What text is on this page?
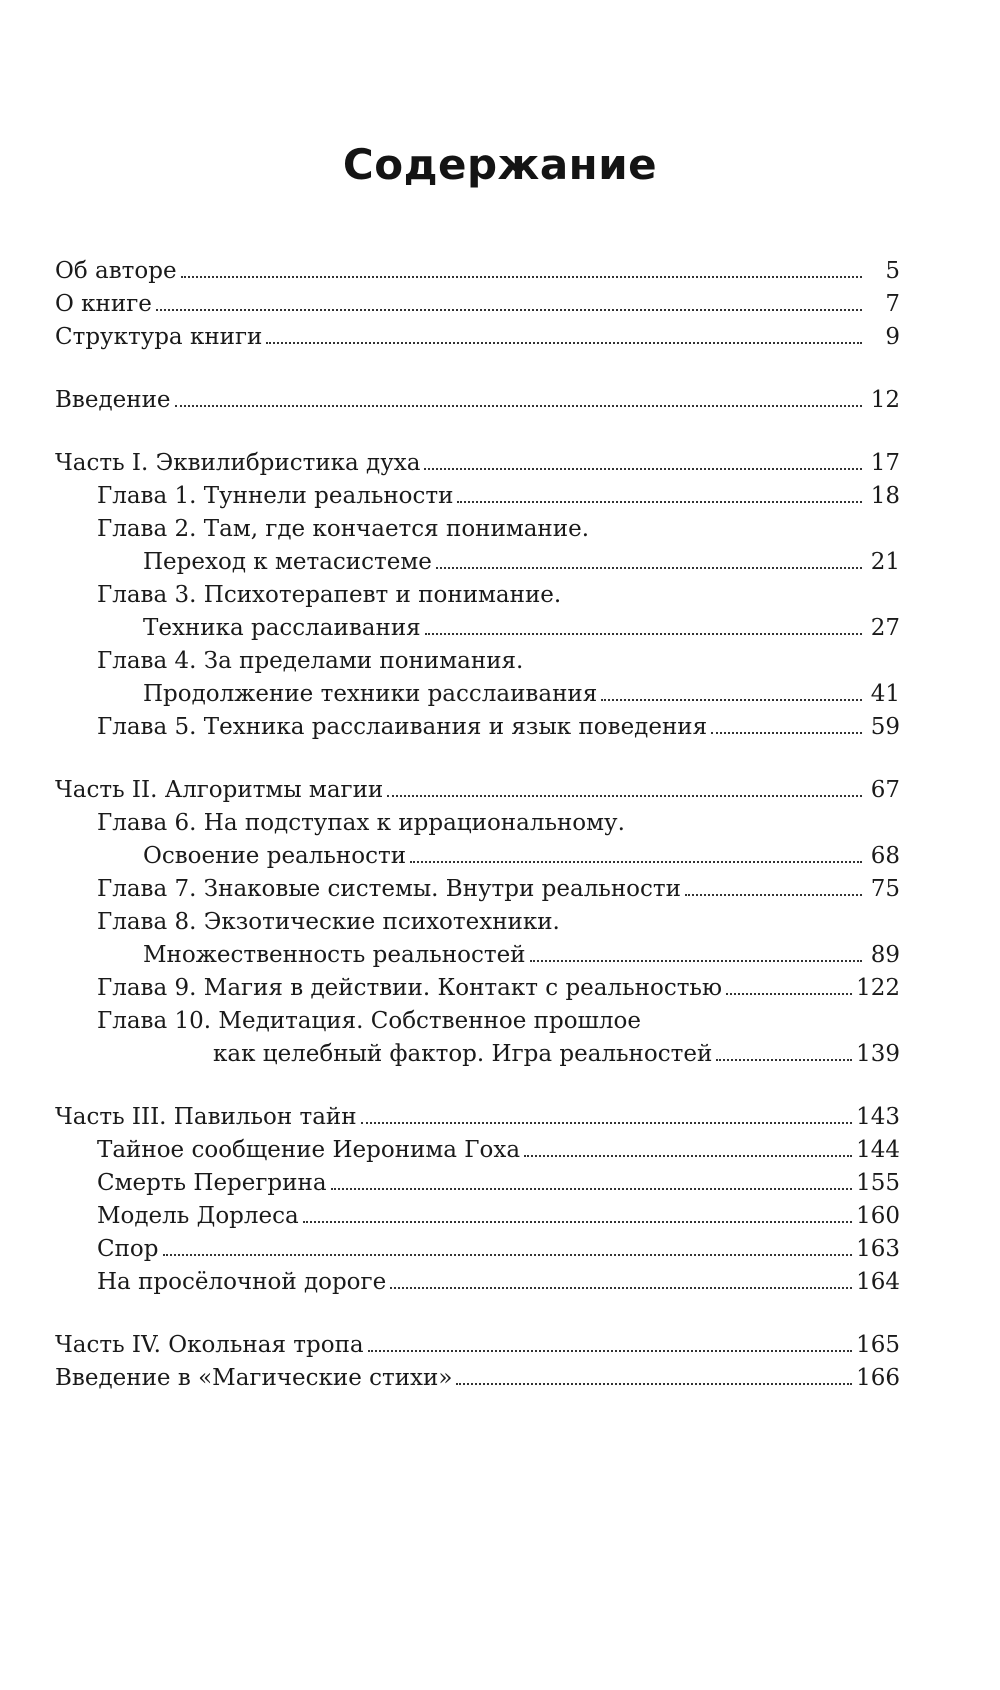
Содержание
Об авторе	5
О книге	7
Структура книги	9
Введение	12
Часть I. Эквилибристика духа	17
Глава 1. Туннели реальности	18
Глава 2. Там, где кончается понимание.
Переход к метасистеме	21
Глава 3. Психотерапевт и понимание.
Техника расслаивания	27
Глава 4. За пределами понимания.
Продолжение техники расслаивания	41
Глава 5. Техника расслаивания и язык поведения	59
Часть II. Алгоритмы магии	67
Глава 6. На подступах к иррациональному.
Освоение реальности	68
Глава 7. Знаковые системы. Внутри реальности	75
Глава 8. Экзотические психотехники.
Множественность реальностей	89
Глава 9. Магия в действии. Контакт с реальностью	122
Глава 10. Медитация. Собственное прошлое
как целебный фактор. Игра реальностей	139
Часть III. Павильон тайн	143
Тайное сообщение Иеронима Гоха	144
Смерть Перегрина	155
Модель Дорлеса	160
Спор	163
На просёлочной дороге	164
Часть IV. Окольная тропа	165
Введение в «Магические стихи»	166
